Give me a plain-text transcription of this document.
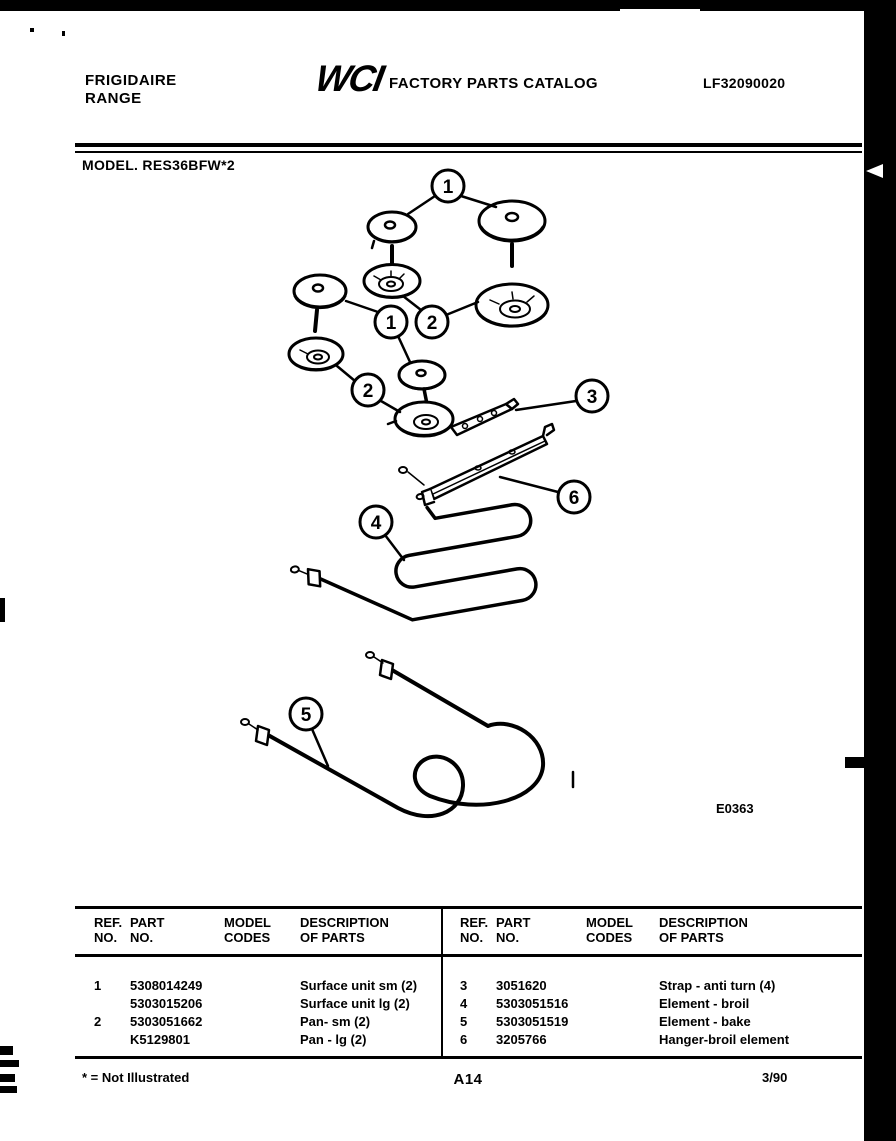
FRIGIDAIRE
RANGE	WCI FACTORY PARTS CATALOG	LF32090020
MODEL. RES36BFW*2
1
1 2
2	3
6
4
5
E0363
REF.
NO.
PART
NO.
MODEL
CODES
DESCRIPTION
OF PARTS
REF.
NO.
PART
NO.
MODEL
CODES
DESCRIPTION
OF PARTS
1	5308014249	Surface unit sm (2)
5303015206	Surface unit lg (2)
2	5303051662	Pan- sm (2)
K5129801	Pan - lg (2)
3	3051620	Strap - anti turn (4)
4	5303051516	Element - broil
5	5303051519	Element - bake
6	3205766	Hanger-broil element
* = Not Illustrated	A14	3/90
